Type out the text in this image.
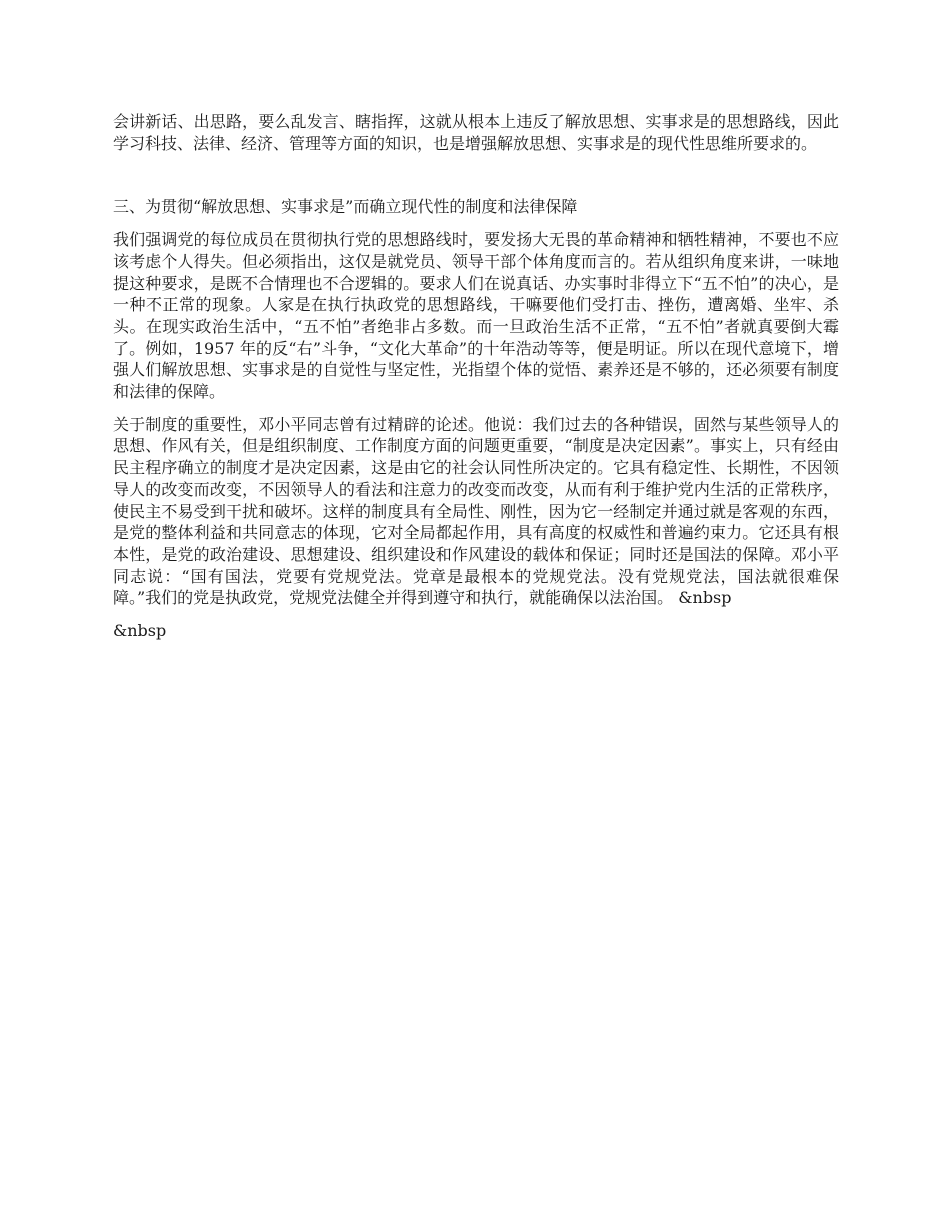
会讲新话、出思路，要么乱发言、瞎指挥，这就从根本上违反了解放思想、实事求是的思想路线，因此学习科技、法律、经济、管理等方面的知识，也是增强解放思想、实事求是的现代性思维所要求的。

三、为贯彻“解放思想、实事求是”而确立现代性的制度和法律保障

我们强调党的每位成员在贯彻执行党的思想路线时，要发扬大无畏的革命精神和牺牲精神，不要也不应该考虑个人得失。但必须指出，这仅是就党员、领导干部个体角度而言的。若从组织角度来讲，一味地提这种要求，是既不合情理也不合逻辑的。要求人们在说真话、办实事时非得立下“五不怕”的决心，是一种不正常的现象。人家是在执行执政党的思想路线，干嘛要他们受打击、挫伤，遭离婚、坐牢、杀头。在现实政治生活中，“五不怕”者绝非占多数。而一旦政治生活不正常，“五不怕”者就真要倒大霉了。例如，1957 年的反“右”斗争，“文化大革命”的十年浩动等等，便是明证。所以在现代意境下，增强人们解放思想、实事求是的自觉性与坚定性，光指望个体的觉悟、素养还是不够的，还必须要有制度和法律的保障。

关于制度的重要性，邓小平同志曾有过精辟的论述。他说：我们过去的各种错误，固然与某些领导人的思想、作风有关，但是组织制度、工作制度方面的问题更重要，“制度是决定因素”。事实上，只有经由民主程序确立的制度才是决定因素，这是由它的社会认同性所决定的。它具有稳定性、长期性，不因领导人的改变而改变，不因领导人的看法和注意力的改变而改变，从而有利于维护党内生活的正常秩序，使民主不易受到干扰和破坏。这样的制度具有全局性、刚性，因为它一经制定并通过就是客观的东西，是党的整体利益和共同意志的体现，它对全局都起作用，具有高度的权威性和普遍约束力。它还具有根本性，是党的政治建设、思想建设、组织建设和作风建设的载体和保证；同时还是国法的保障。邓小平同志说：“国有国法，党要有党规党法。党章是最根本的党规党法。没有党规党法，国法就很难保障。”我们的党是执政党，党规党法健全并得到遵守和执行，就能确保以法治国。 &nbsp

&nbsp
